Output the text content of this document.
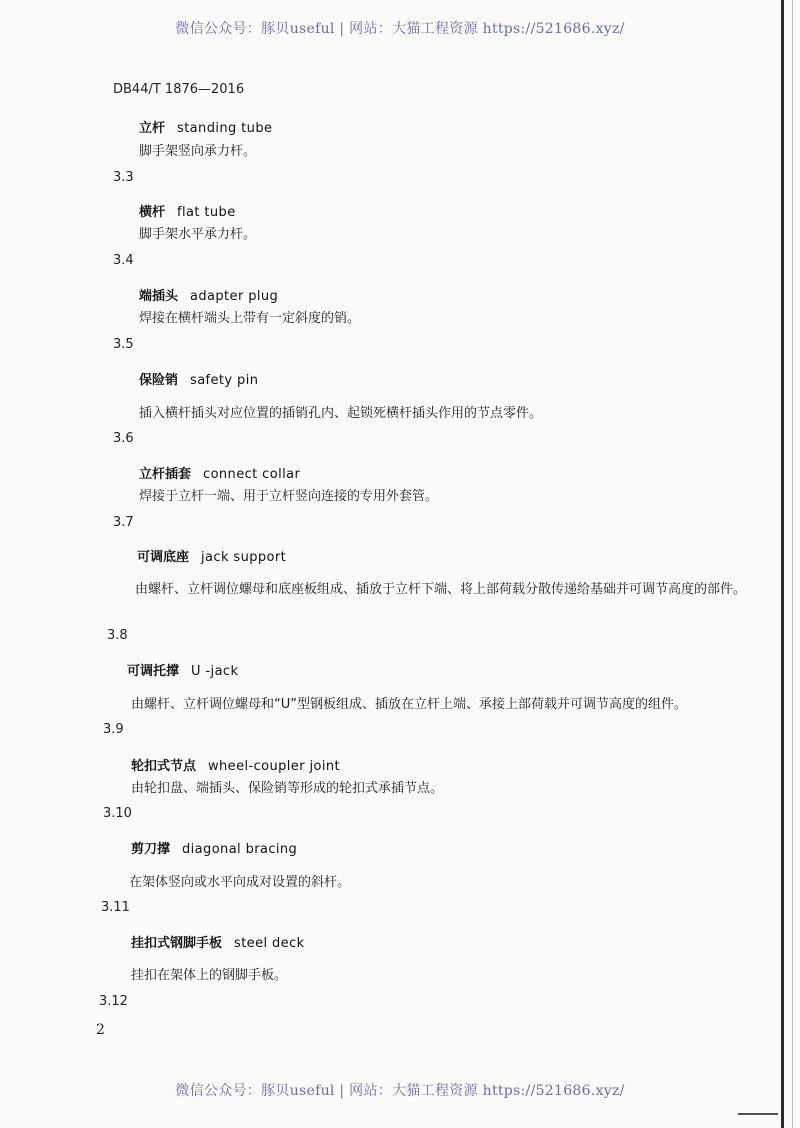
微信公众号：豚贝useful | 网站：大猫工程资源 https://521686.xyz/
DB44/T 1876—2016
立杆 standing tube
脚手架竖向承力杆。
3.3
横杆 flat tube
脚手架水平承力杆。
3.4
端插头 adapter plug
焊接在横杆端头上带有一定斜度的销。
3.5
保险销 safety pin
插入横杆插头对应位置的插销孔内、起锁死横杆插头作用的节点零件。
3.6
立杆插套 connect collar
焊接于立杆一端、用于立杆竖向连接的专用外套管。
3.7
可调底座 jack support
由螺杆、立杆调位螺母和底座板组成、插放于立杆下端、将上部荷载分散传递给基础并可调节高度的部件。
3.8
可调托撑 U -jack
由螺杆、立杆调位螺母和“U”型钢板组成、插放在立杆上端、承接上部荷载并可调节高度的组件。
3.9
轮扣式节点 wheel-coupler joint
由轮扣盘、端插头、保险销等形成的轮扣式承插节点。
3.10
剪刀撑 diagonal bracing
在架体竖向或水平向成对设置的斜杆。
3.11
挂扣式钢脚手板 steel deck
挂扣在架体上的钢脚手板。
3.12
2
微信公众号：豚贝useful | 网站：大猫工程资源 https://521686.xyz/
